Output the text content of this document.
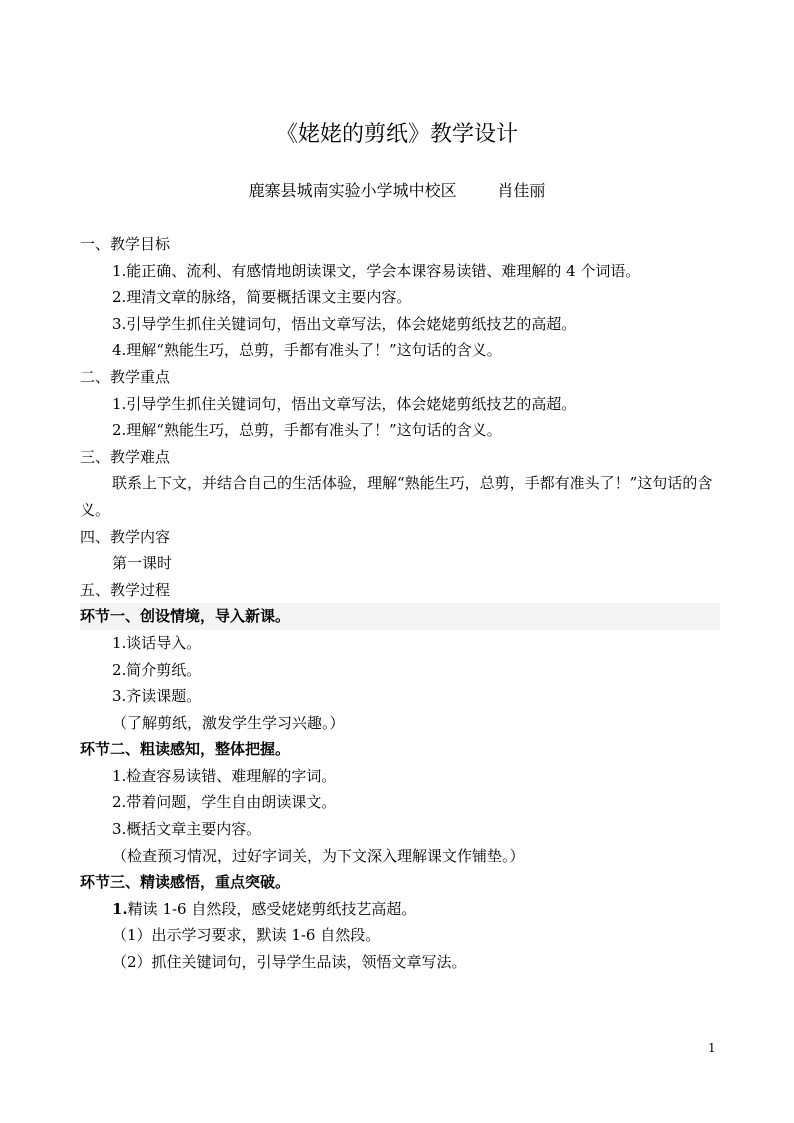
《姥姥的剪纸》教学设计
鹿寨县城南实验小学城中校区        肖佳丽
一、教学目标
1.能正确、流利、有感情地朗读课文，学会本课容易读错、难理解的 4 个词语。
2.理清文章的脉络，简要概括课文主要内容。
3.引导学生抓住关键词句，悟出文章写法，体会姥姥剪纸技艺的高超。
4.理解“熟能生巧，总剪，手都有准头了！”这句话的含义。
二、教学重点
1.引导学生抓住关键词句，悟出文章写法，体会姥姥剪纸技艺的高超。
2.理解“熟能生巧，总剪，手都有准头了！”这句话的含义。
三、教学难点
联系上下文，并结合自己的生活体验，理解“熟能生巧，总剪，手都有准头了！”这句话的含义。
四、教学内容
第一课时
五、教学过程
环节一、创设情境，导入新课。
1.谈话导入。
2.简介剪纸。
3.齐读课题。
（了解剪纸，激发学生学习兴趣。）
环节二、粗读感知，整体把握。
1.检查容易读错、难理解的字词。
2.带着问题，学生自由朗读课文。
3.概括文章主要内容。
（检查预习情况，过好字词关，为下文深入理解课文作铺垫。）
环节三、精读感悟，重点突破。
1.精读 1-6 自然段，感受姥姥剪纸技艺高超。
（1）出示学习要求，默读 1-6 自然段。
（2）抓住关键词句，引导学生品读，领悟文章写法。
1
